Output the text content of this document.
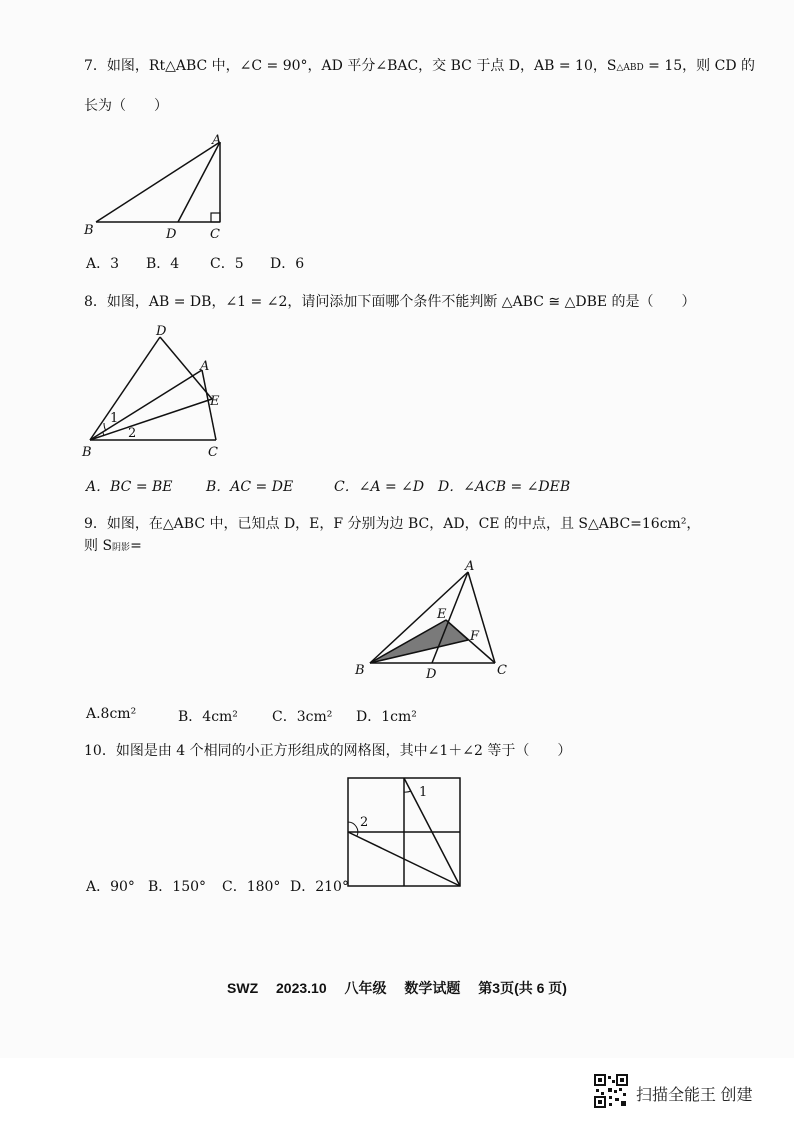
7．如图，Rt△ABC 中，∠C = 90°，AD 平分∠BAC，交 BC 于点 D，AB = 10，S△ABD = 15，则 CD 的
长为（　　）
A
B	D	C
A．3 B．4 C．5 D．6
8．如图，AB = DB，∠1 = ∠2，请问添加下面哪个条件不能判断 △ABC ≅ △DBE 的是（　　）
D
A
E
B	C
1
2
A．BC = BE B．AC = DE	C．∠A = ∠D D．∠ACB = ∠DEB
9．如图，在△ABC 中，已知点 D，E，F 分别为边 BC，AD，CE 的中点，且 S△ABC=16cm²，
则 S阴影=
A
B	C
D
E
F
A.8cm²	B．4cm² C．3cm² D．1cm²
10．如图是由 4 个相同的小正方形组成的网格图，其中∠1＋∠2 等于（　　）
1
2
A．90° B．150° C．180° D．210°
SWZ 2023.10 八年级 数学试题 第3页(共 6 页)
扫描全能王 创建
